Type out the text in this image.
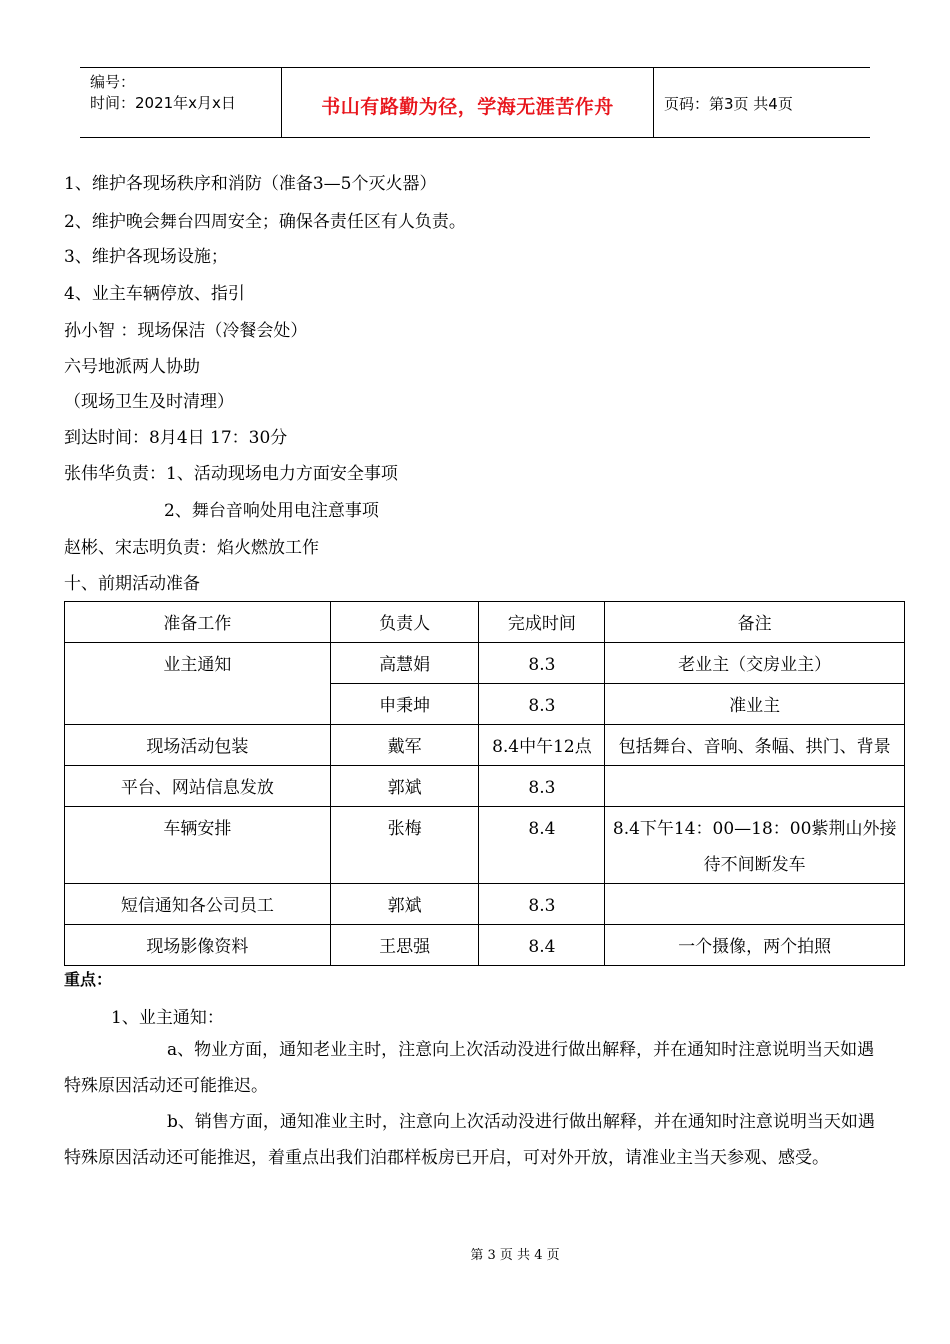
编号：
时间：2021年x月x日	书山有路勤为径，学海无涯苦作舟	页码：第3页 共4页
1、维护各现场秩序和消防（准备3—5个灭火器）
2、维护晚会舞台四周安全；确保各责任区有人负责。
3、维护各现场设施；
4、业主车辆停放、指引
孙小智 ：现场保洁（冷餐会处）
六号地派两人协助
（现场卫生及时清理）
到达时间：8月4日 17：30分
张伟华负责：1、活动现场电力方面安全事项
2、舞台音响处用电注意事项
赵彬、宋志明负责：焰火燃放工作
十、前期活动准备
准备工作	负责人	完成时间	备注
业主通知	高慧娟	8.3	老业主（交房业主）
	申秉坤	8.3	准业主
现场活动包装	戴军	8.4中午12点	包括舞台、音响、条幅、拱门、背景
平台、网站信息发放	郭斌	8.3	
车辆安排	张梅	8.4	8.4下午14：00—18：00紫荆山外接待不间断发车
短信通知各公司员工	郭斌	8.3	
现场影像资料	王思强	8.4	一个摄像，两个拍照
重点：
1、业主通知：
a、物业方面，通知老业主时，注意向上次活动没进行做出解释，并在通知时注意说明当天如遇特殊原因活动还可能推迟。
b、销售方面，通知准业主时，注意向上次活动没进行做出解释，并在通知时注意说明当天如遇特殊原因活动还可能推迟，着重点出我们泊郡样板房已开启，可对外开放，请准业主当天参观、感受。
第 3 页 共 4 页
